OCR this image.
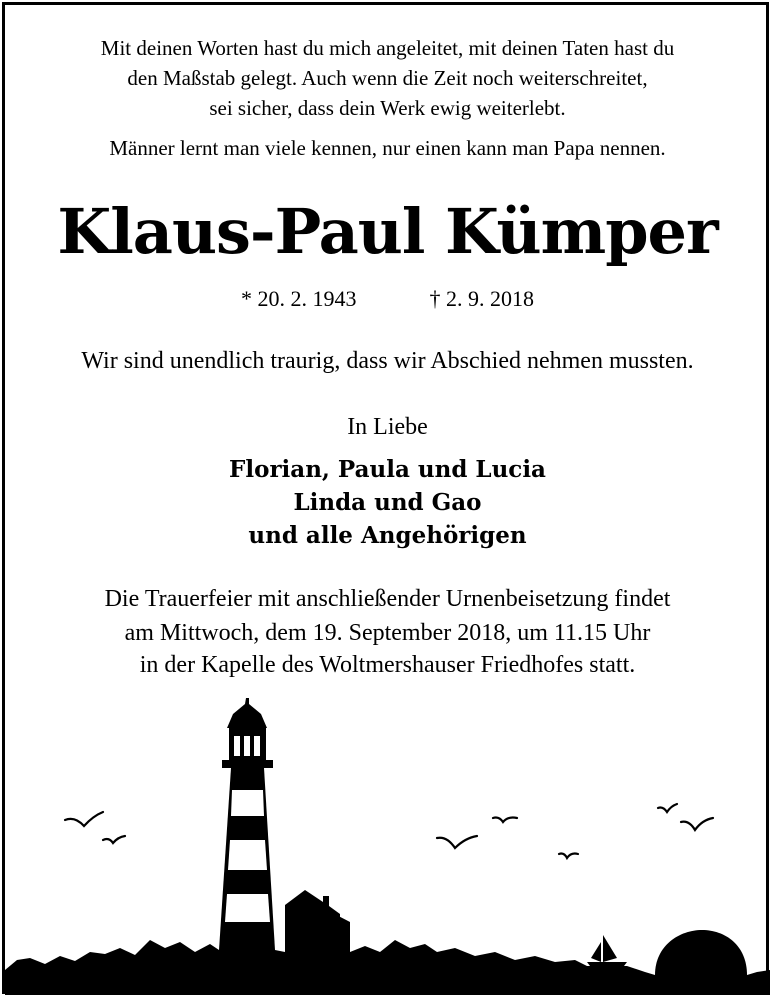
Mit deinen Worten hast du mich angeleitet, mit deinen Taten hast du
den Maßstab gelegt. Auch wenn die Zeit noch weiterschreitet,
sei sicher, dass dein Werk ewig weiterlebt.
Männer lernt man viele kennen, nur einen kann man Papa nennen.
Klaus-Paul Kümper
* 20. 2. 1943	† 2. 9. 2018
Wir sind unendlich traurig, dass wir Abschied nehmen mussten.
In Liebe
Florian, Paula und Lucia
Linda und Gao
und alle Angehörigen
Die Trauerfeier mit anschließender Urnenbeisetzung findet
am Mittwoch, dem 19. September 2018, um 11.15 Uhr
in der Kapelle des Woltmershauser Friedhofes statt.
